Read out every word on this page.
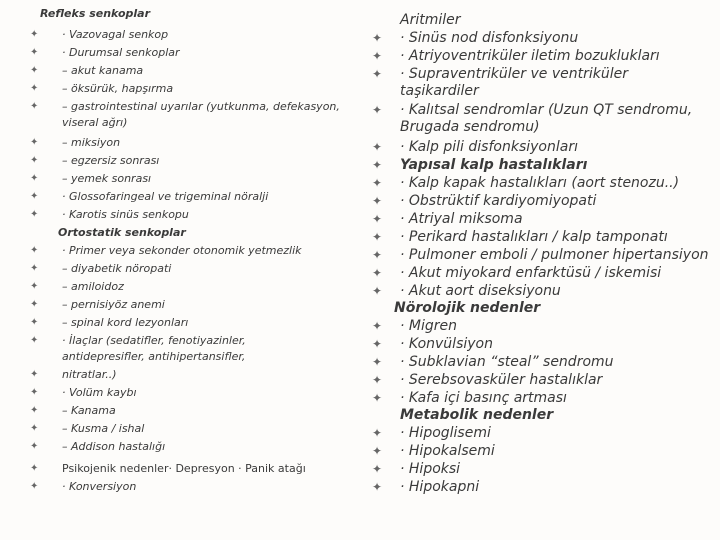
Refleks senkoplar
✦ · Vazovagal senkop
✦ · Durumsal senkoplar
✦ – akut kanama
✦ – öksürük, hapşırma
✦ – gastrointestinal uyarılar (yutkunma, defekasyon,
viseral ağrı)
✦ – miksiyon
✦ – egzersiz sonrası
✦ – yemek sonrası
✦ · Glossofaringeal ve trigeminal nöralji
✦ · Karotis sinüs senkopu
Ortostatik senkoplar
✦ · Primer veya sekonder otonomik yetmezlik
✦ – diyabetik nöropati
✦ – amiloidoz
✦ – pernisiyöz anemi
✦ – spinal kord lezyonları
✦ · İlaçlar (sedatifler, fenotiyazinler,
antidepresifler, antihipertansifler,
✦ nitratlar..)
✦ · Volüm kaybı
✦ – Kanama
✦ – Kusma / ishal
✦ – Addison hastalığı
✦ Psikojenik nedenler· Depresyon · Panik atağı
✦ · Konversiyon
Aritmiler
✦ · Sinüs nod disfonksiyonu
✦ · Atriyoventriküler iletim bozuklukları
✦ · Supraventriküler ve ventriküler
taşikardiler
✦ · Kalıtsal sendromlar (Uzun QT sendromu,
Brugada sendromu)
✦ · Kalp pili disfonksiyonları
✦ Yapısal kalp hastalıkları
✦ · Kalp kapak hastalıkları (aort stenozu..)
✦ · Obstrüktif kardiyomiyopati
✦ · Atriyal miksoma
✦ · Perikard hastalıkları / kalp tamponatı
✦ · Pulmoner emboli / pulmoner hipertansiyon
✦ · Akut miyokard enfarktüsü / iskemisi
✦ · Akut aort diseksiyonu
Nörolojik nedenler
✦ · Migren
✦ · Konvülsiyon
✦ · Subklavian “steal” sendromu
✦ · Serebsovasküler hastalıklar
✦ · Kafa içi basınç artması
Metabolik nedenler
✦ · Hipoglisemi
✦ · Hipokalsemi
✦ · Hipoksi
✦ · Hipokapni
